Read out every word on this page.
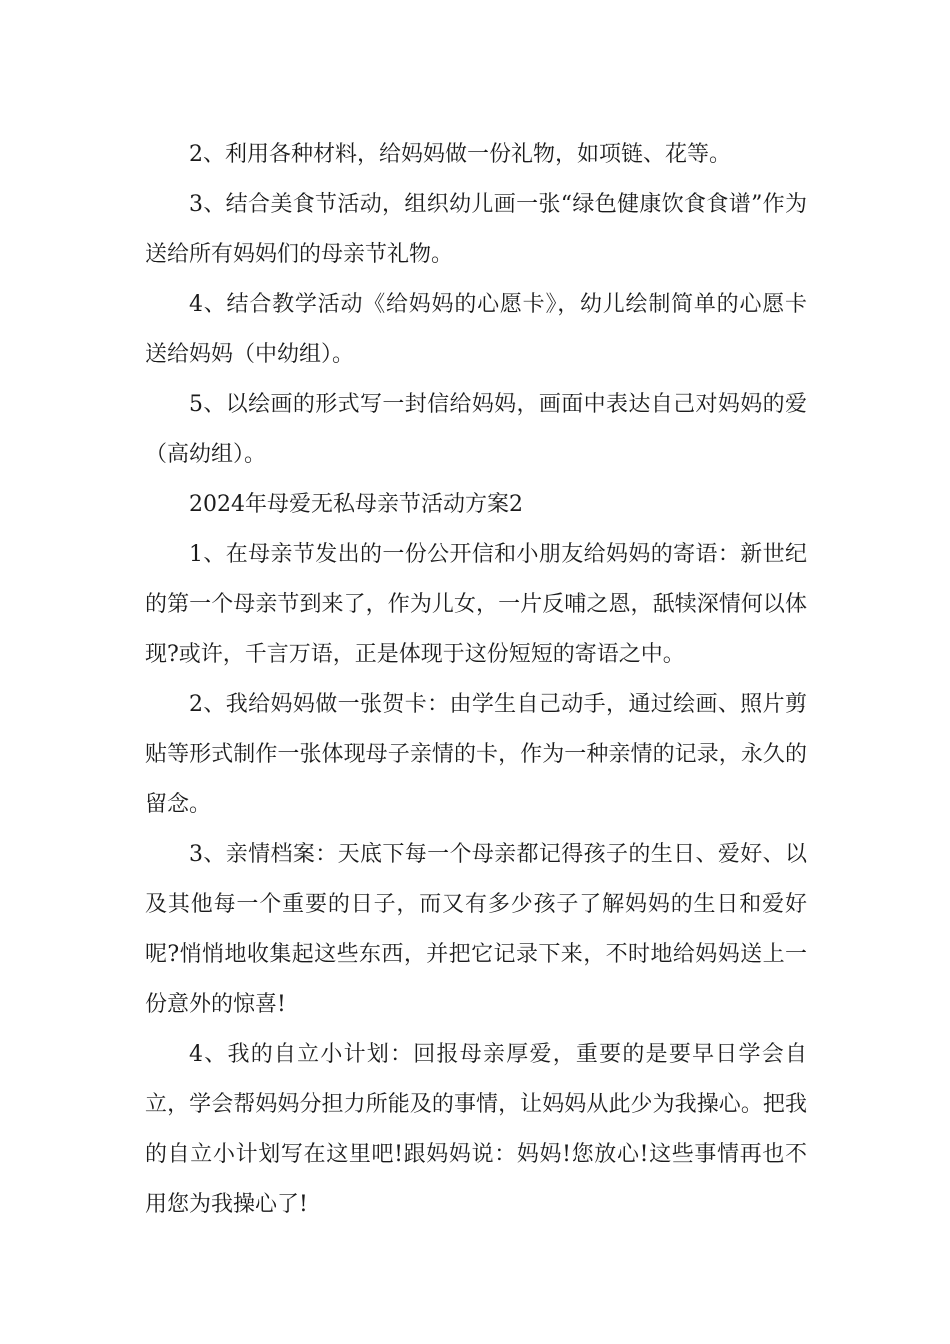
2、利用各种材料，给妈妈做一份礼物，如项链、花等。

3、结合美食节活动，组织幼儿画一张“绿色健康饮食食谱”作为送给所有妈妈们的母亲节礼物。

4、结合教学活动《给妈妈的心愿卡》，幼儿绘制简单的心愿卡送给妈妈（中幼组）。

5、以绘画的形式写一封信给妈妈，画面中表达自己对妈妈的爱（高幼组）。

2024年母爱无私母亲节活动方案2

1、在母亲节发出的一份公开信和小朋友给妈妈的寄语：新世纪的第一个母亲节到来了，作为儿女，一片反哺之恩，舐犊深情何以体现?或许，千言万语，正是体现于这份短短的寄语之中。

2、我给妈妈做一张贺卡：由学生自己动手，通过绘画、照片剪贴等形式制作一张体现母子亲情的卡，作为一种亲情的记录，永久的留念。

3、亲情档案：天底下每一个母亲都记得孩子的生日、爱好、以及其他每一个重要的日子，而又有多少孩子了解妈妈的生日和爱好呢?悄悄地收集起这些东西，并把它记录下来，不时地给妈妈送上一份意外的惊喜!

4、我的自立小计划：回报母亲厚爱，重要的是要早日学会自立，学会帮妈妈分担力所能及的事情，让妈妈从此少为我操心。把我的自立小计划写在这里吧!跟妈妈说：妈妈!您放心!这些事情再也不用您为我操心了!
